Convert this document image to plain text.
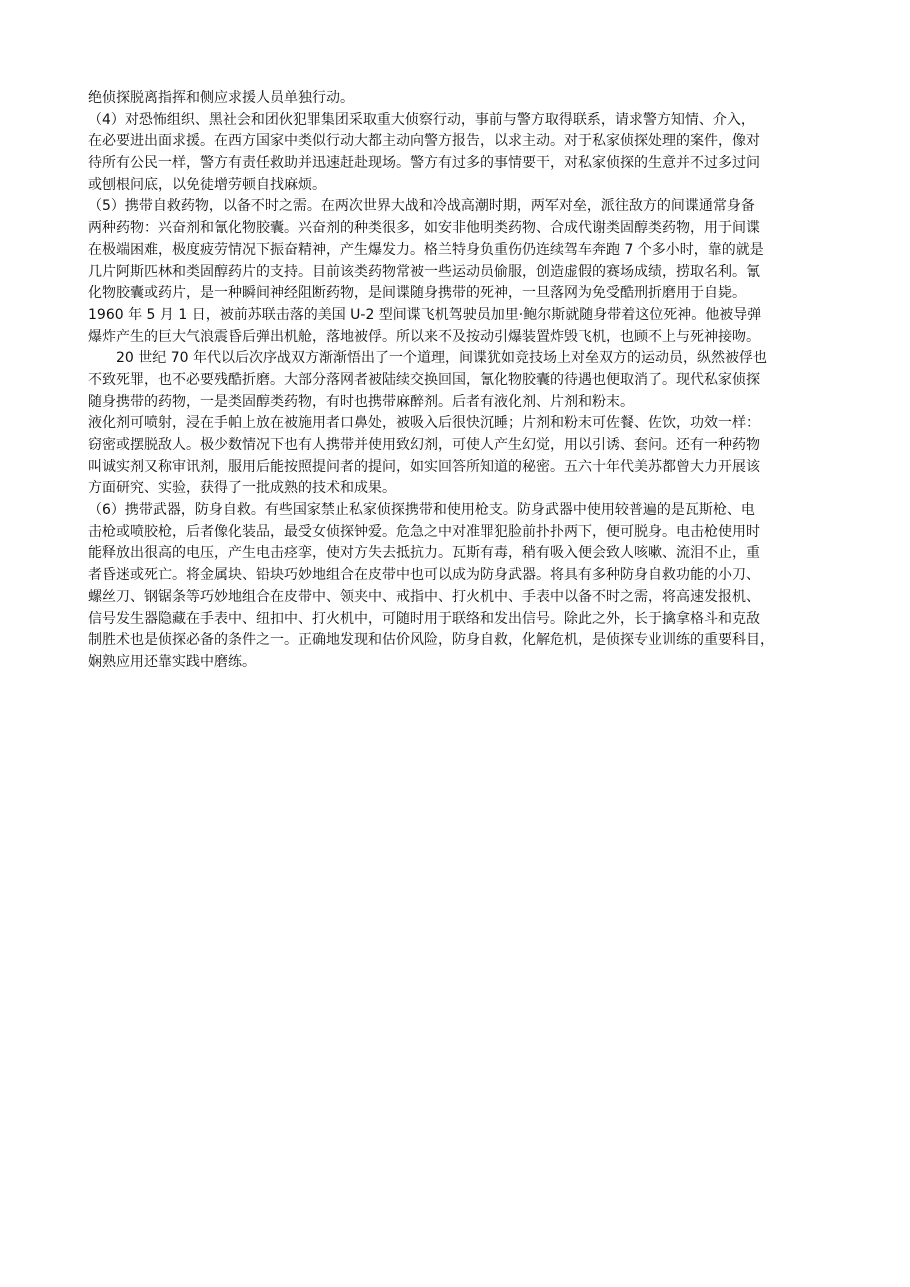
绝侦探脱离指挥和侧应求援人员单独行动。
（4）对恐怖组织、黑社会和团伙犯罪集团采取重大侦察行动，事前与警方取得联系，请求警方知情、介入，
在必要进出面求援。在西方国家中类似行动大都主动向警方报告，以求主动。对于私家侦探处理的案件，像对
待所有公民一样，警方有责任救助并迅速赶赴现场。警方有过多的事情要干，对私家侦探的生意并不过多过问
或刨根问底，以免徒增劳顿自找麻烦。
（5）携带自救药物，以备不时之需。在两次世界大战和冷战高潮时期，两军对垒，派往敌方的间谍通常身备
两种药物：兴奋剂和氰化物胶囊。兴奋剂的种类很多，如安非他明类药物、合成代谢类固醇类药物，用于间谍
在极端困难，极度疲劳情况下振奋精神，产生爆发力。格兰特身负重伤仍连续驾车奔跑 7 个多小时，靠的就是
几片阿斯匹林和类固醇药片的支持。目前该类药物常被一些运动员偷服，创造虚假的赛场成绩，捞取名利。氰
化物胶囊或药片，是一种瞬间神经阻断药物，是间谍随身携带的死神，一旦落网为免受酷刑折磨用于自毙。
1960 年 5 月 1 日，被前苏联击落的美国 U-2 型间谍飞机驾驶员加里·鲍尔斯就随身带着这位死神。他被导弹
爆炸产生的巨大气浪震昏后弹出机舱，落地被俘。所以来不及按动引爆装置炸毁飞机，也顾不上与死神接吻。
　　20 世纪 70 年代以后次序战双方渐渐悟出了一个道理，间谍犹如竞技场上对垒双方的运动员，纵然被俘也
不致死罪，也不必要残酷折磨。大部分落网者被陆续交换回国，氰化物胶囊的待遇也便取消了。现代私家侦探
随身携带的药物，一是类固醇类药物，有时也携带麻醉剂。后者有液化剂、片剂和粉末。
液化剂可喷射，浸在手帕上放在被施用者口鼻处，被吸入后很快沉睡；片剂和粉末可佐餐、佐饮，功效一样：
窃密或摆脱敌人。极少数情况下也有人携带并使用致幻剂，可使人产生幻觉，用以引诱、套问。还有一种药物
叫诚实剂又称审讯剂，服用后能按照提问者的提问，如实回答所知道的秘密。五六十年代美苏都曾大力开展该
方面研究、实验，获得了一批成熟的技术和成果。
（6）携带武器，防身自救。有些国家禁止私家侦探携带和使用枪支。防身武器中使用较普遍的是瓦斯枪、电
击枪或喷胶枪，后者像化装品，最受女侦探钟爱。危急之中对准罪犯脸前扑扑两下，便可脱身。电击枪使用时
能释放出很高的电压，产生电击痉挛，使对方失去抵抗力。瓦斯有毒，稍有吸入便会致人咳嗽、流泪不止，重
者昏迷或死亡。将金属块、铅块巧妙地组合在皮带中也可以成为防身武器。将具有多种防身自救功能的小刀、
螺丝刀、钢锯条等巧妙地组合在皮带中、领夹中、戒指中、打火机中、手表中以备不时之需，将高速发报机、
信号发生器隐藏在手表中、纽扣中、打火机中，可随时用于联络和发出信号。除此之外，长于擒拿格斗和克敌
制胜术也是侦探必备的条件之一。正确地发现和估价风险，防身自救，化解危机，是侦探专业训练的重要科目，
娴熟应用还靠实践中磨练。
